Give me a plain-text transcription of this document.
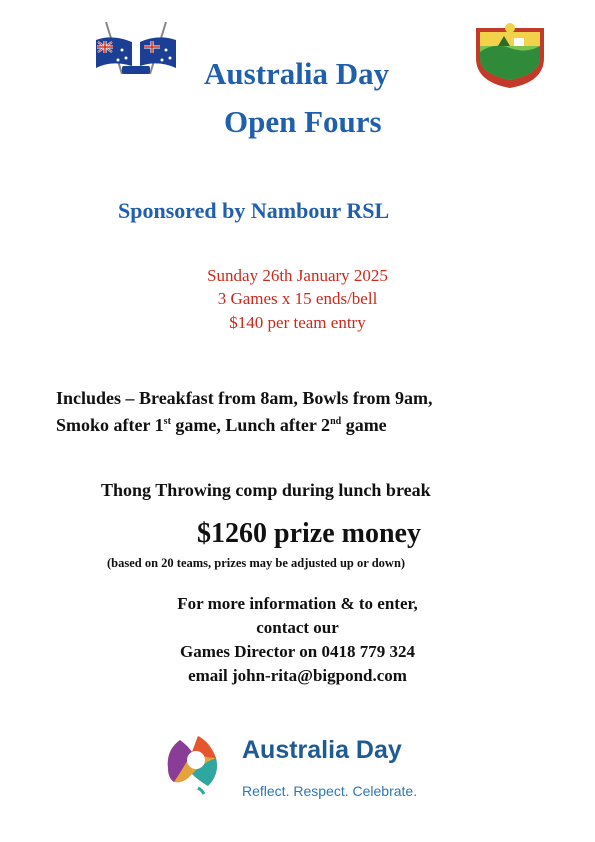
Australia Day
Open Fours
Sponsored by Nambour RSL
Sunday 26th January 2025
3 Games x 15 ends/bell
$140 per team entry
Includes – Breakfast from 8am, Bowls from 9am,
Smoko after 1st game, Lunch after 2nd game
Thong Throwing comp during lunch break
$1260 prize money
(based on 20 teams, prizes may be adjusted up or down)
For more information & to enter,
contact our
Games Director on 0418 779 324
email john-rita@bigpond.com
Australia Day
Reflect. Respect. Celebrate.
